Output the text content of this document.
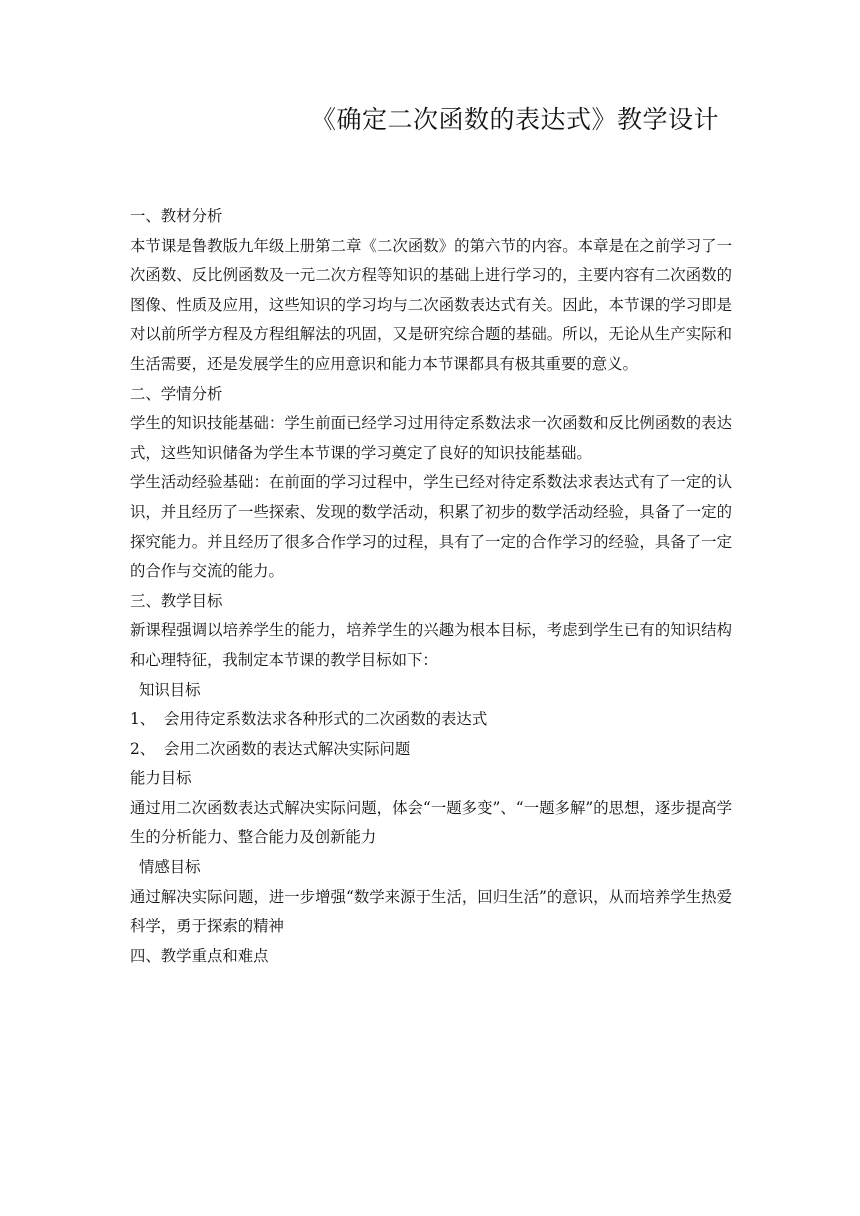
《确定二次函数的表达式》教学设计

一、教材分析

本节课是鲁教版九年级上册第二章《二次函数》的第六节的内容。本章是在之前学习了一次函数、反比例函数及一元二次方程等知识的基础上进行学习的，主要内容有二次函数的图像、性质及应用，这些知识的学习均与二次函数表达式有关。因此，本节课的学习即是对以前所学方程及方程组解法的巩固，又是研究综合题的基础。所以，无论从生产实际和生活需要，还是发展学生的应用意识和能力本节课都具有极其重要的意义。

二、学情分析

学生的知识技能基础：学生前面已经学习过用待定系数法求一次函数和反比例函数的表达式，这些知识储备为学生本节课的学习奠定了良好的知识技能基础。

学生活动经验基础：在前面的学习过程中，学生已经对待定系数法求表达式有了一定的认识，并且经历了一些探索、发现的数学活动，积累了初步的数学活动经验，具备了一定的探究能力。并且经历了很多合作学习的过程，具有了一定的合作学习的经验，具备了一定的合作与交流的能力。

三、教学目标

新课程强调以培养学生的能力，培养学生的兴趣为根本目标，考虑到学生已有的知识结构和心理特征，我制定本节课的教学目标如下：

知识目标

1、 会用待定系数法求各种形式的二次函数的表达式

2、 会用二次函数的表达式解决实际问题

能力目标

通过用二次函数表达式解决实际问题，体会“一题多变”、“一题多解”的思想，逐步提高学生的分析能力、整合能力及创新能力

情感目标

通过解决实际问题，进一步增强“数学来源于生活，回归生活”的意识，从而培养学生热爱科学，勇于探索的精神

四、教学重点和难点
